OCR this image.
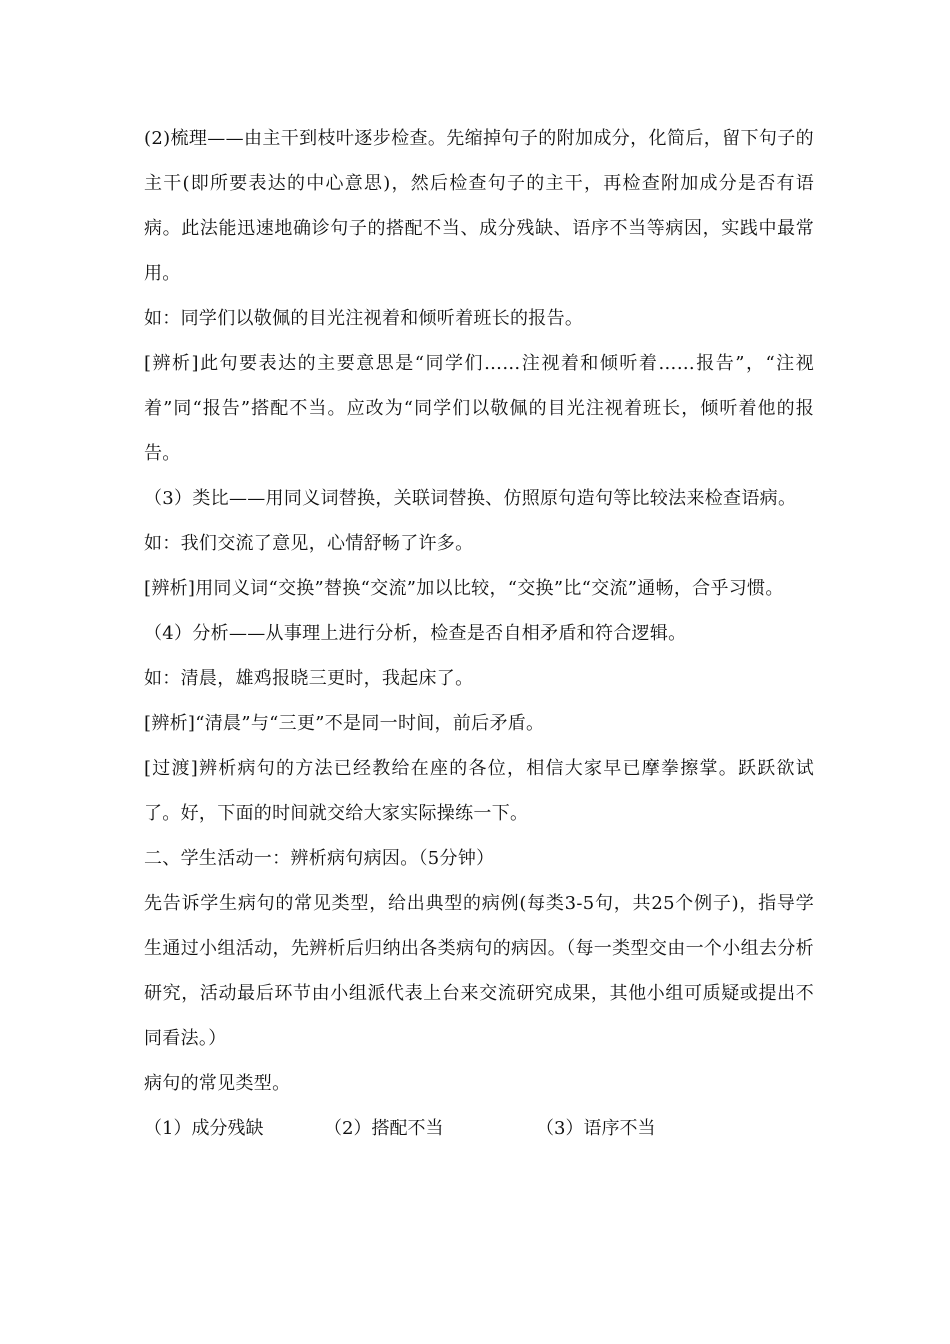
(2)梳理——由主干到枝叶逐步检查。先缩掉句子的附加成分，化简后，留下句子的主干(即所要表达的中心意思)，然后检查句子的主干，再检查附加成分是否有语病。此法能迅速地确诊句子的搭配不当、成分残缺、语序不当等病因，实践中最常用。

如：同学们以敬佩的目光注视着和倾听着班长的报告。

[辨析]此句要表达的主要意思是“同学们……注视着和倾听着……报告”，“注视着”同“报告”搭配不当。应改为“同学们以敬佩的目光注视着班长，倾听着他的报告。

（3）类比——用同义词替换，关联词替换、仿照原句造句等比较法来检查语病。

如：我们交流了意见，心情舒畅了许多。

[辨析]用同义词“交换”替换“交流”加以比较，“交换”比“交流”通畅，合乎习惯。

（4）分析——从事理上进行分析，检查是否自相矛盾和符合逻辑。

如：清晨，雄鸡报晓三更时，我起床了。

[辨析]“清晨”与“三更”不是同一时间，前后矛盾。

[过渡]辨析病句的方法已经教给在座的各位，相信大家早已摩拳擦掌。跃跃欲试了。好，下面的时间就交给大家实际操练一下。

二、学生活动一：辨析病句病因。（5分钟）

先告诉学生病句的常见类型，给出典型的病例(每类3-5句，共25个例子)，指导学生通过小组活动，先辨析后归纳出各类病句的病因。（每一类型交由一个小组去分析研究，活动最后环节由小组派代表上台来交流研究成果，其他小组可质疑或提出不同看法。）

病句的常见类型。

（1）成分残缺	（2）搭配不当	（3）语序不当
